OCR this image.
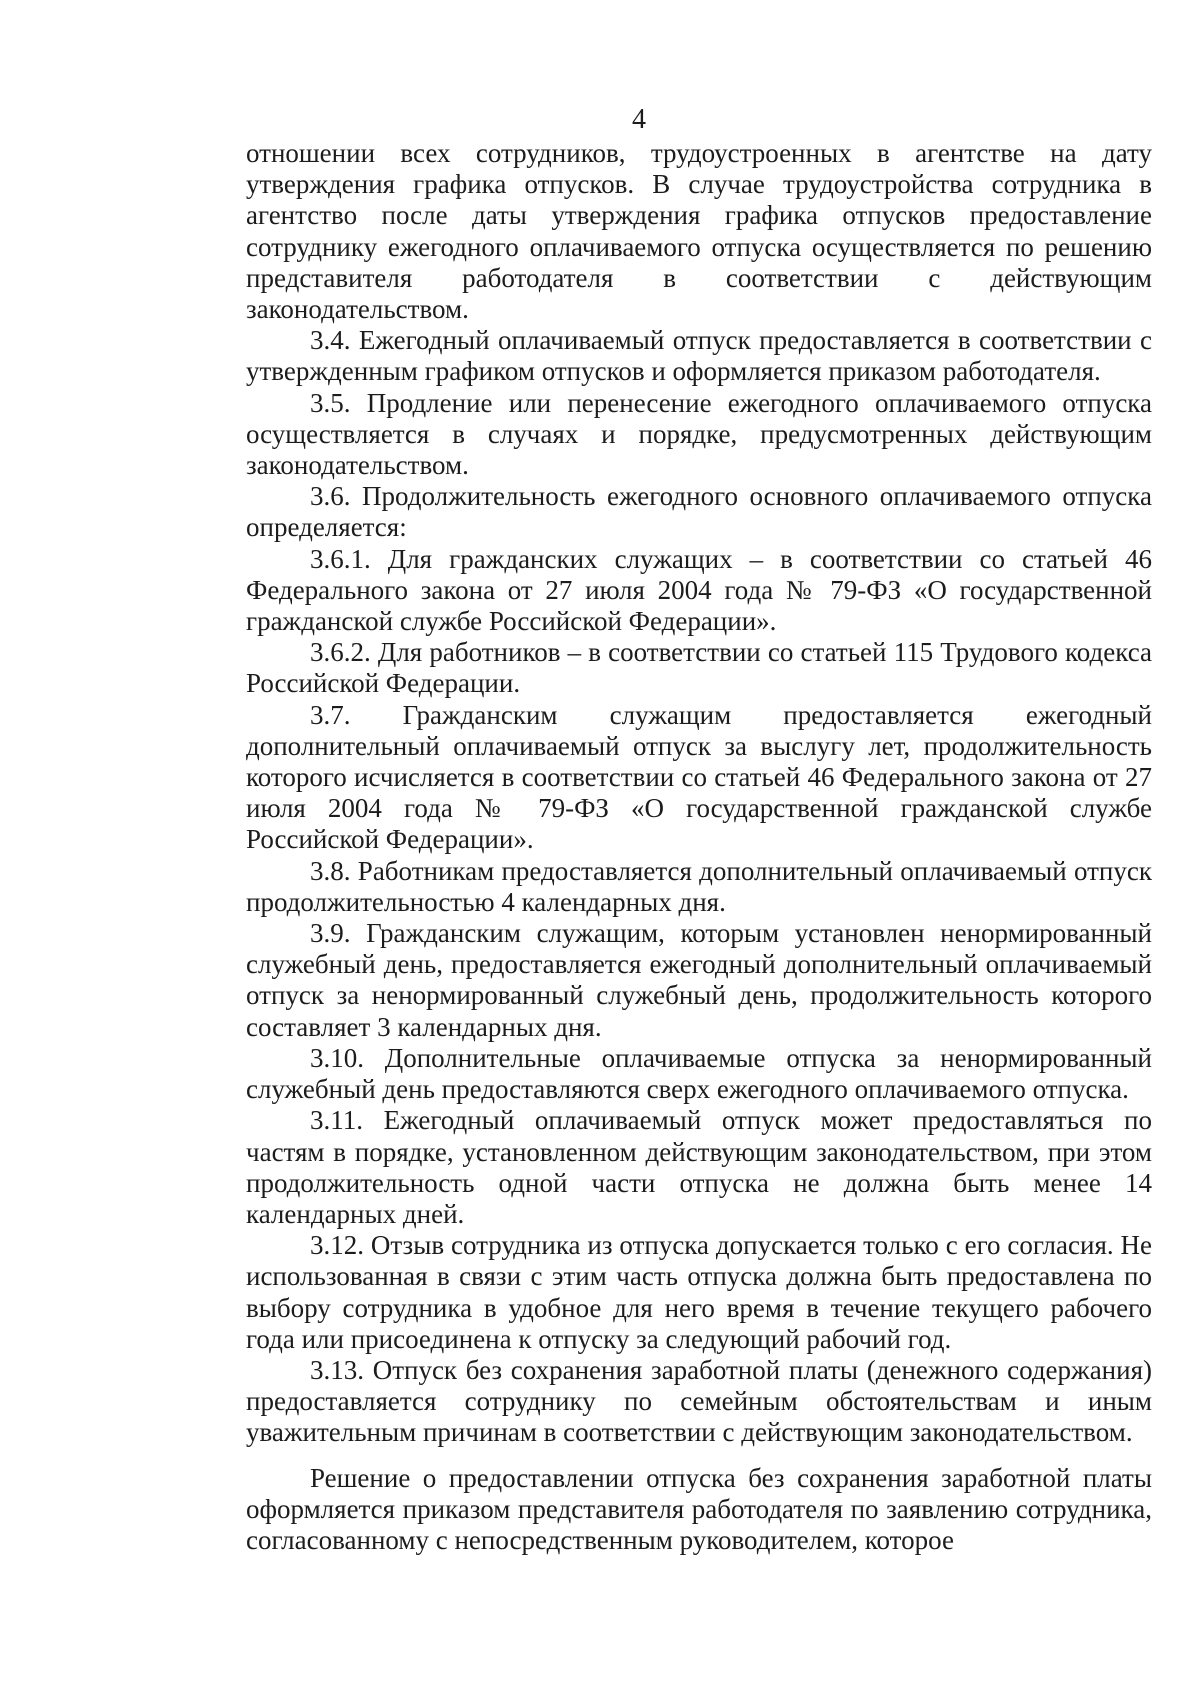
4

отношении всех сотрудников, трудоустроенных в агентстве на дату утверждения графика отпусков. В случае трудоустройства сотрудника в агентство после даты утверждения графика отпусков предоставление сотруднику ежегодного оплачиваемого отпуска осуществляется по решению представителя работодателя в соответствии с действующим законодательством.

3.4. Ежегодный оплачиваемый отпуск предоставляется в соответствии с утвержденным графиком отпусков и оформляется приказом работодателя.

3.5. Продление или перенесение ежегодного оплачиваемого отпуска осуществляется в случаях и порядке, предусмотренных действующим законодательством.

3.6. Продолжительность ежегодного основного оплачиваемого отпуска определяется:

3.6.1. Для гражданских служащих – в соответствии со статьей 46 Федерального закона от 27 июля 2004 года № 79-ФЗ «О государственной гражданской службе Российской Федерации».

3.6.2. Для работников – в соответствии со статьей 115 Трудового кодекса Российской Федерации.

3.7. Гражданским служащим предоставляется ежегодный дополнительный оплачиваемый отпуск за выслугу лет, продолжительность которого исчисляется в соответствии со статьей 46 Федерального закона от 27 июля 2004 года № 79-ФЗ «О государственной гражданской службе Российской Федерации».

3.8. Работникам предоставляется дополнительный оплачиваемый отпуск продолжительностью 4 календарных дня.

3.9. Гражданским служащим, которым установлен ненормированный служебный день, предоставляется ежегодный дополнительный оплачиваемый отпуск за ненормированный служебный день, продолжительность которого составляет 3 календарных дня.

3.10. Дополнительные оплачиваемые отпуска за ненормированный служебный день предоставляются сверх ежегодного оплачиваемого отпуска.

3.11. Ежегодный оплачиваемый отпуск может предоставляться по частям в порядке, установленном действующим законодательством, при этом продолжительность одной части отпуска не должна быть менее 14 календарных дней.

3.12. Отзыв сотрудника из отпуска допускается только с его согласия. Не использованная в связи с этим часть отпуска должна быть предоставлена по выбору сотрудника в удобное для него время в течение текущего рабочего года или присоединена к отпуску за следующий рабочий год.

3.13. Отпуск без сохранения заработной платы (денежного содержания) предоставляется сотруднику по семейным обстоятельствам и иным уважительным причинам в соответствии с действующим законодательством.

Решение о предоставлении отпуска без сохранения заработной платы оформляется приказом представителя работодателя по заявлению сотрудника, согласованному с непосредственным руководителем, которое
